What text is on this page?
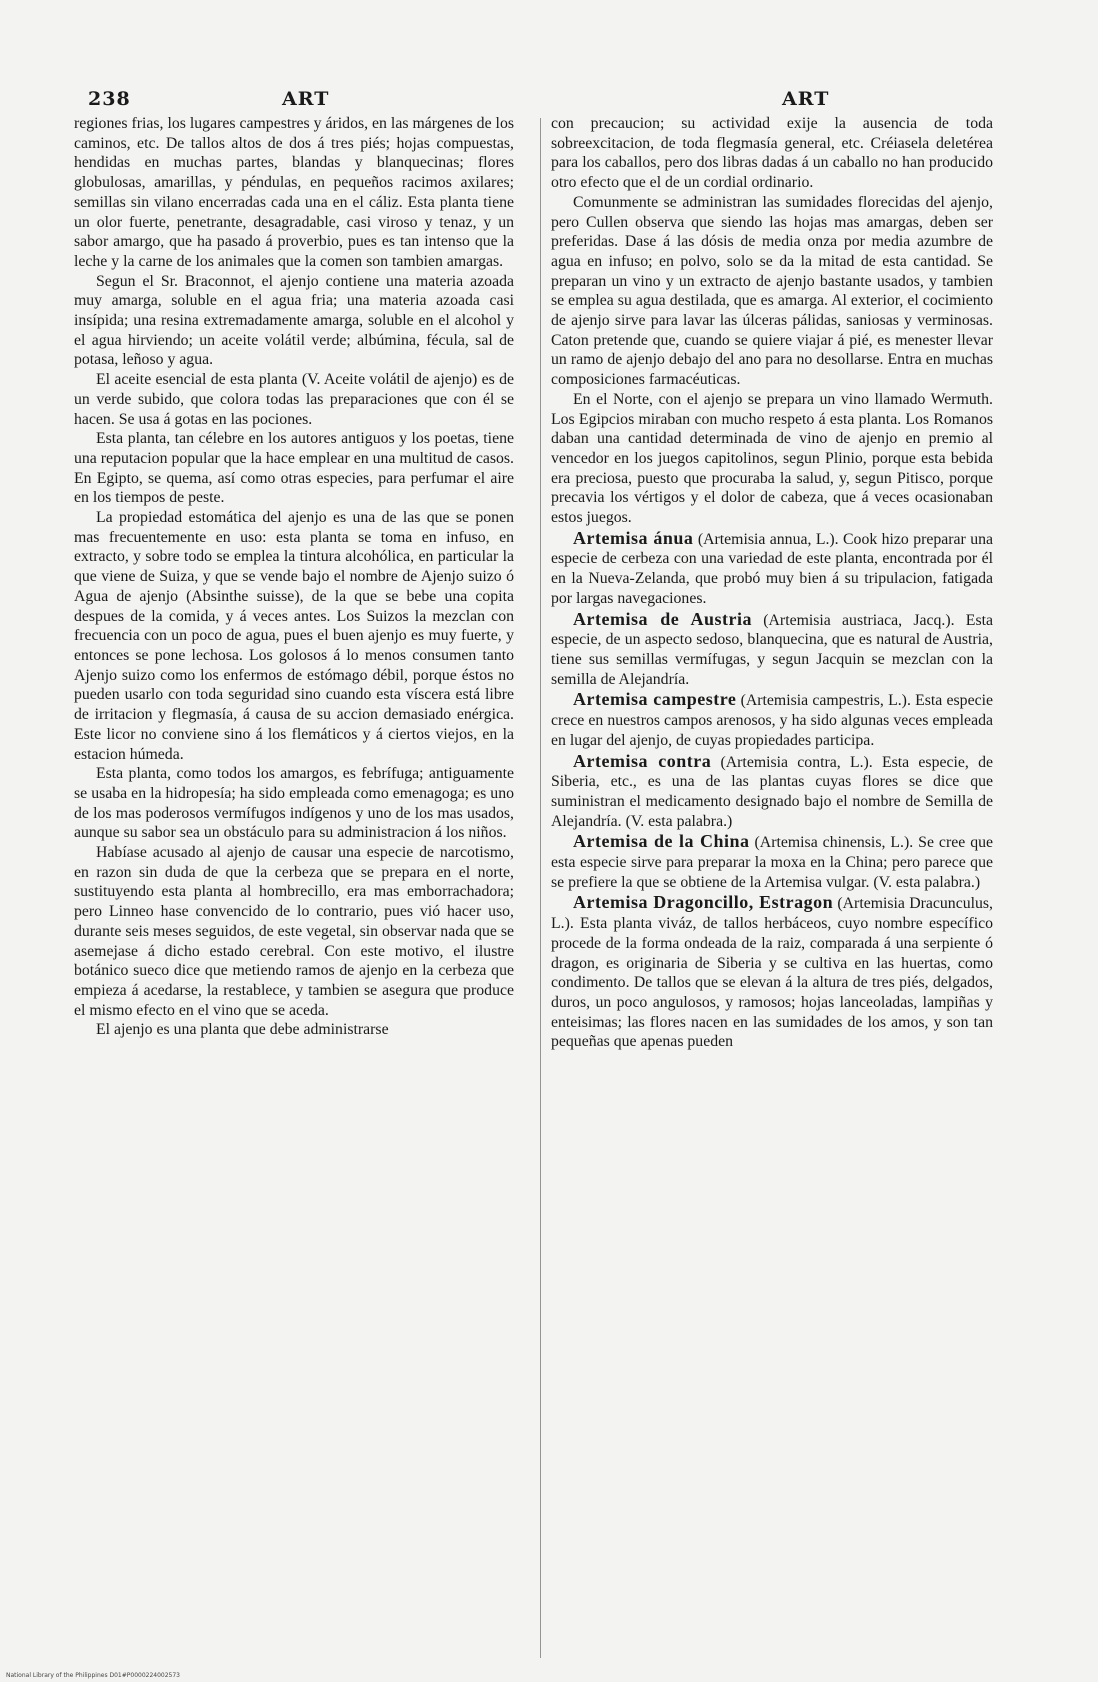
238	ART	ART

regiones frias, los lugares campestres y áridos, en las márgenes de los caminos, etc. De tallos altos de dos á tres piés; hojas compuestas, hendidas en muchas partes, blandas y blanquecinas; flores globulosas, amarillas, y péndulas, en pequeños racimos axilares; semillas sin vilano encerradas cada una en el cáliz. Esta planta tiene un olor fuerte, penetrante, desagradable, casi viroso y tenaz, y un sabor amargo, que ha pasado á proverbio, pues es tan intenso que la leche y la carne de los animales que la comen son tambien amargas.

Segun el Sr. Braconnot, el ajenjo contiene una materia azoada muy amarga, soluble en el agua fria; una materia azoada casi insípida; una resina extremadamente amarga, soluble en el alcohol y el agua hirviendo; un aceite volátil verde; albúmina, fécula, sal de potasa, leñoso y agua.

El aceite esencial de esta planta (V. Aceite volátil de ajenjo) es de un verde subido, que colora todas las preparaciones que con él se hacen. Se usa á gotas en las pociones.

Esta planta, tan célebre en los autores antiguos y los poetas, tiene una reputacion popular que la hace emplear en una multitud de casos. En Egipto, se quema, así como otras especies, para perfumar el aire en los tiempos de peste.

La propiedad estomática del ajenjo es una de las que se ponen mas frecuentemente en uso: esta planta se toma en infuso, en extracto, y sobre todo se emplea la tintura alcohólica, en particular la que viene de Suiza, y que se vende bajo el nombre de Ajenjo suizo ó Agua de ajenjo (Absinthe suisse), de la que se bebe una copita despues de la comida, y á veces antes. Los Suizos la mezclan con frecuencia con un poco de agua, pues el buen ajenjo es muy fuerte, y entonces se pone lechosa. Los golosos á lo menos consumen tanto Ajenjo suizo como los enfermos de estómago débil, porque éstos no pueden usarlo con toda seguridad sino cuando esta víscera está libre de irritacion y flegmasía, á causa de su accion demasiado enérgica. Este licor no conviene sino á los flemáticos y á ciertos viejos, en la estacion húmeda.

Esta planta, como todos los amargos, es febrífuga; antiguamente se usaba en la hidropesía; ha sido empleada como emenagoga; es uno de los mas poderosos vermífugos indígenos y uno de los mas usados, aunque su sabor sea un obstáculo para su administracion á los niños.

Habíase acusado al ajenjo de causar una especie de narcotismo, en razon sin duda de que la cerbeza que se prepara en el norte, sustituyendo esta planta al hombrecillo, era mas emborrachadora; pero Linneo hase convencido de lo contrario, pues vió hacer uso, durante seis meses seguidos, de este vegetal, sin observar nada que se asemejase á dicho estado cerebral. Con este motivo, el ilustre botánico sueco dice que metiendo ramos de ajenjo en la cerbeza que empieza á acedarse, la restablece, y tambien se asegura que produce el mismo efecto en el vino que se aceda.

El ajenjo es una planta que debe administrarse

con precaucion; su actividad exije la ausencia de toda sobreexcitacion, de toda flegmasía general, etc. Créiasela deletérea para los caballos, pero dos libras dadas á un caballo no han producido otro efecto que el de un cordial ordinario.

Comunmente se administran las sumidades florecidas del ajenjo, pero Cullen observa que siendo las hojas mas amargas, deben ser preferidas. Dase á las dósis de media onza por media azumbre de agua en infuso; en polvo, solo se da la mitad de esta cantidad. Se preparan un vino y un extracto de ajenjo bastante usados, y tambien se emplea su agua destilada, que es amarga. Al exterior, el cocimiento de ajenjo sirve para lavar las úlceras pálidas, saniosas y verminosas. Caton pretende que, cuando se quiere viajar á pié, es menester llevar un ramo de ajenjo debajo del ano para no desollarse. Entra en muchas composiciones farmacéuticas.

En el Norte, con el ajenjo se prepara un vino llamado Wermuth. Los Egipcios miraban con mucho respeto á esta planta. Los Romanos daban una cantidad determinada de vino de ajenjo en premio al vencedor en los juegos capitolinos, segun Plinio, porque esta bebida era preciosa, puesto que procuraba la salud, y, segun Pitisco, porque precavia los vértigos y el dolor de cabeza, que á veces ocasionaban estos juegos.

Artemisa ánua (Artemisia annua, L.). Cook hizo preparar una especie de cerbeza con una variedad de este planta, encontrada por él en la Nueva-Zelanda, que probó muy bien á su tripulacion, fatigada por largas navegaciones.

Artemisa de Austria (Artemisia austriaca, Jacq.). Esta especie, de un aspecto sedoso, blanquecina, que es natural de Austria, tiene sus semillas vermífugas, y segun Jacquin se mezclan con la semilla de Alejandría.

Artemisa campestre (Artemisia campestris, L.). Esta especie crece en nuestros campos arenosos, y ha sido algunas veces empleada en lugar del ajenjo, de cuyas propiedades participa.

Artemisa contra (Artemisia contra, L.). Esta especie, de Siberia, etc., es una de las plantas cuyas flores se dice que suministran el medicamento designado bajo el nombre de Semilla de Alejandría. (V. esta palabra.)

Artemisa de la China (Artemisa chinensis, L.). Se cree que esta especie sirve para preparar la moxa en la China; pero parece que se prefiere la que se obtiene de la Artemisa vulgar. (V. esta palabra.)

Artemisa Dragoncillo, Estragon (Artemisia Dracunculus, L.). Esta planta viváz, de tallos herbáceos, cuyo nombre específico procede de la forma ondeada de la raiz, comparada á una serpiente ó dragon, es originaria de Siberia y se cultiva en las huertas, como condimento. De tallos que se elevan á la altura de tres piés, delgados, duros, un poco angulosos, y ramosos; hojas lanceoladas, lampiñas y enteisimas; las flores nacen en las sumidades de los amos, y son tan pequeñas que apenas pueden

National Library of the Philippines D01#P0000224002573
